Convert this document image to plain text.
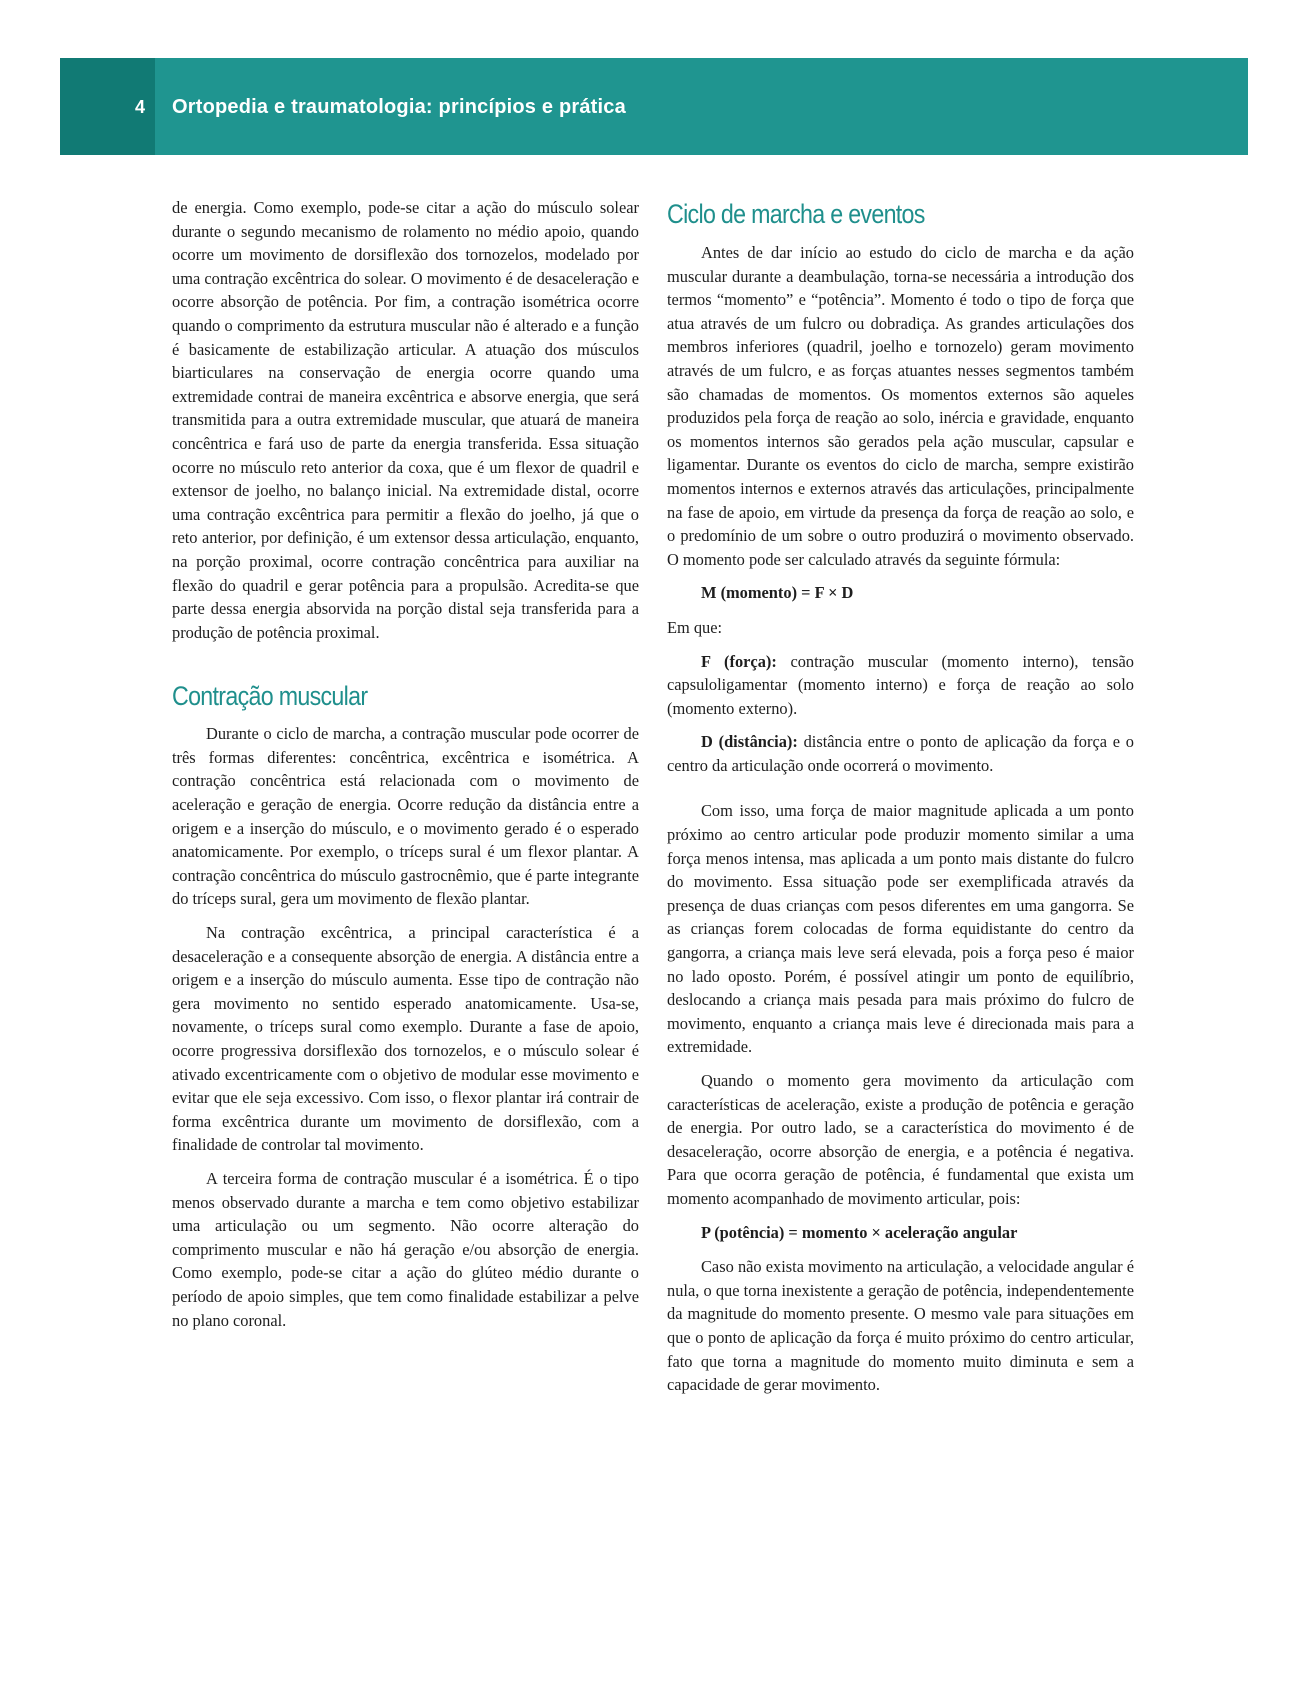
4 Ortopedia e traumatologia: princípios e prática

de energia. Como exemplo, pode-se citar a ação do músculo solear durante o segundo mecanismo de rolamento no médio apoio, quando ocorre um movimento de dorsiflexão dos tornozelos, modelado por uma contração excêntrica do solear. O movimento é de desaceleração e ocorre absorção de potência. Por fim, a contração isométrica ocorre quando o comprimento da estrutura muscular não é alterado e a função é basicamente de estabilização articular. A atuação dos músculos biarticulares na conservação de energia ocorre quando uma extremidade contrai de maneira excêntrica e absorve energia, que será transmitida para a outra extremidade muscular, que atuará de maneira concêntrica e fará uso de parte da energia transferida. Essa situação ocorre no músculo reto anterior da coxa, que é um flexor de quadril e extensor de joelho, no balanço inicial. Na extremidade distal, ocorre uma contração excêntrica para permitir a flexão do joelho, já que o reto anterior, por definição, é um extensor dessa articulação, enquanto, na porção proximal, ocorre contração concêntrica para auxiliar na flexão do quadril e gerar potência para a propulsão. Acredita-se que parte dessa energia absorvida na porção distal seja transferida para a produção de potência proximal.

Contração muscular

Durante o ciclo de marcha, a contração muscular pode ocorrer de três formas diferentes: concêntrica, excêntrica e isométrica. A contração concêntrica está relacionada com o movimento de aceleração e geração de energia. Ocorre redução da distância entre a origem e a inserção do músculo, e o movimento gerado é o esperado anatomicamente. Por exemplo, o tríceps sural é um flexor plantar. A contração concêntrica do músculo gastrocnêmio, que é parte integrante do tríceps sural, gera um movimento de flexão plantar.

Na contração excêntrica, a principal característica é a desaceleração e a consequente absorção de energia. A distância entre a origem e a inserção do músculo aumenta. Esse tipo de contração não gera movimento no sentido esperado anatomicamente. Usa-se, novamente, o tríceps sural como exemplo. Durante a fase de apoio, ocorre progressiva dorsiflexão dos tornozelos, e o músculo solear é ativado excentricamente com o objetivo de modular esse movimento e evitar que ele seja excessivo. Com isso, o flexor plantar irá contrair de forma excêntrica durante um movimento de dorsiflexão, com a finalidade de controlar tal movimento.

A terceira forma de contração muscular é a isométrica. É o tipo menos observado durante a marcha e tem como objetivo estabilizar uma articulação ou um segmento. Não ocorre alteração do comprimento muscular e não há geração e/ou absorção de energia. Como exemplo, pode-se citar a ação do glúteo médio durante o período de apoio simples, que tem como finalidade estabilizar a pelve no plano coronal.

Ciclo de marcha e eventos

Antes de dar início ao estudo do ciclo de marcha e da ação muscular durante a deambulação, torna-se necessária a introdução dos termos “momento” e “potência”. Momento é todo o tipo de força que atua através de um fulcro ou dobradiça. As grandes articulações dos membros inferiores (quadril, joelho e tornozelo) geram movimento através de um fulcro, e as forças atuantes nesses segmentos também são chamadas de momentos. Os momentos externos são aqueles produzidos pela força de reação ao solo, inércia e gravidade, enquanto os momentos internos são gerados pela ação muscular, capsular e ligamentar. Durante os eventos do ciclo de marcha, sempre existirão momentos internos e externos através das articulações, principalmente na fase de apoio, em virtude da presença da força de reação ao solo, e o predomínio de um sobre o outro produzirá o movimento observado. O momento pode ser calculado através da seguinte fórmula:

M (momento) = F × D

Em que:

F (força): contração muscular (momento interno), tensão capsuloligamentar (momento interno) e força de reação ao solo (momento externo).

D (distância): distância entre o ponto de aplicação da força e o centro da articulação onde ocorrerá o movimento.

Com isso, uma força de maior magnitude aplicada a um ponto próximo ao centro articular pode produzir momento similar a uma força menos intensa, mas aplicada a um ponto mais distante do fulcro do movimento. Essa situação pode ser exemplificada através da presença de duas crianças com pesos diferentes em uma gangorra. Se as crianças forem colocadas de forma equidistante do centro da gangorra, a criança mais leve será elevada, pois a força peso é maior no lado oposto. Porém, é possível atingir um ponto de equilíbrio, deslocando a criança mais pesada para mais próximo do fulcro de movimento, enquanto a criança mais leve é direcionada mais para a extremidade.

Quando o momento gera movimento da articulação com características de aceleração, existe a produção de potência e geração de energia. Por outro lado, se a característica do movimento é de desaceleração, ocorre absorção de energia, e a potência é negativa. Para que ocorra geração de potência, é fundamental que exista um momento acompanhado de movimento articular, pois:

P (potência) = momento × aceleração angular

Caso não exista movimento na articulação, a velocidade angular é nula, o que torna inexistente a geração de potência, independentemente da magnitude do momento presente. O mesmo vale para situações em que o ponto de aplicação da força é muito próximo do centro articular, fato que torna a magnitude do momento muito diminuta e sem a capacidade de gerar movimento.
